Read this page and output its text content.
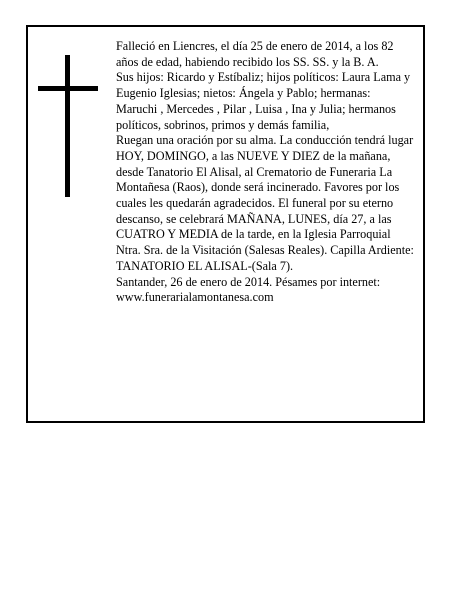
Falleció en Liencres, el día 25 de enero de 2014, a los 82 años de edad, habiendo recibido los SS. SS. y la B. A.

Sus hijos: Ricardo y Estíbaliz; hijos políticos: Laura Lama y Eugenio Iglesias; nietos: Ángela y Pablo; hermanas: Maruchi , Mercedes , Pilar , Luisa , Ina y Julia; hermanos políticos, sobrinos, primos y demás familia,

Ruegan una oración por su alma. La conducción tendrá lugar HOY, DOMINGO, a las NUEVE Y DIEZ de la mañana, desde Tanatorio El Alisal, al Crematorio de Funeraria La Montañesa (Raos), donde será incinerado. Favores por los cuales les quedarán agradecidos. El funeral por su eterno descanso, se celebrará MAÑANA, LUNES, día 27, a las CUATRO Y MEDIA de la tarde, en la Iglesia Parroquial Ntra. Sra. de la Visitación (Salesas Reales). Capilla Ardiente: TANATORIO EL ALISAL-(Sala 7).

Santander, 26 de enero de 2014. Pésames por internet: www.funerarialamontanesa.com
